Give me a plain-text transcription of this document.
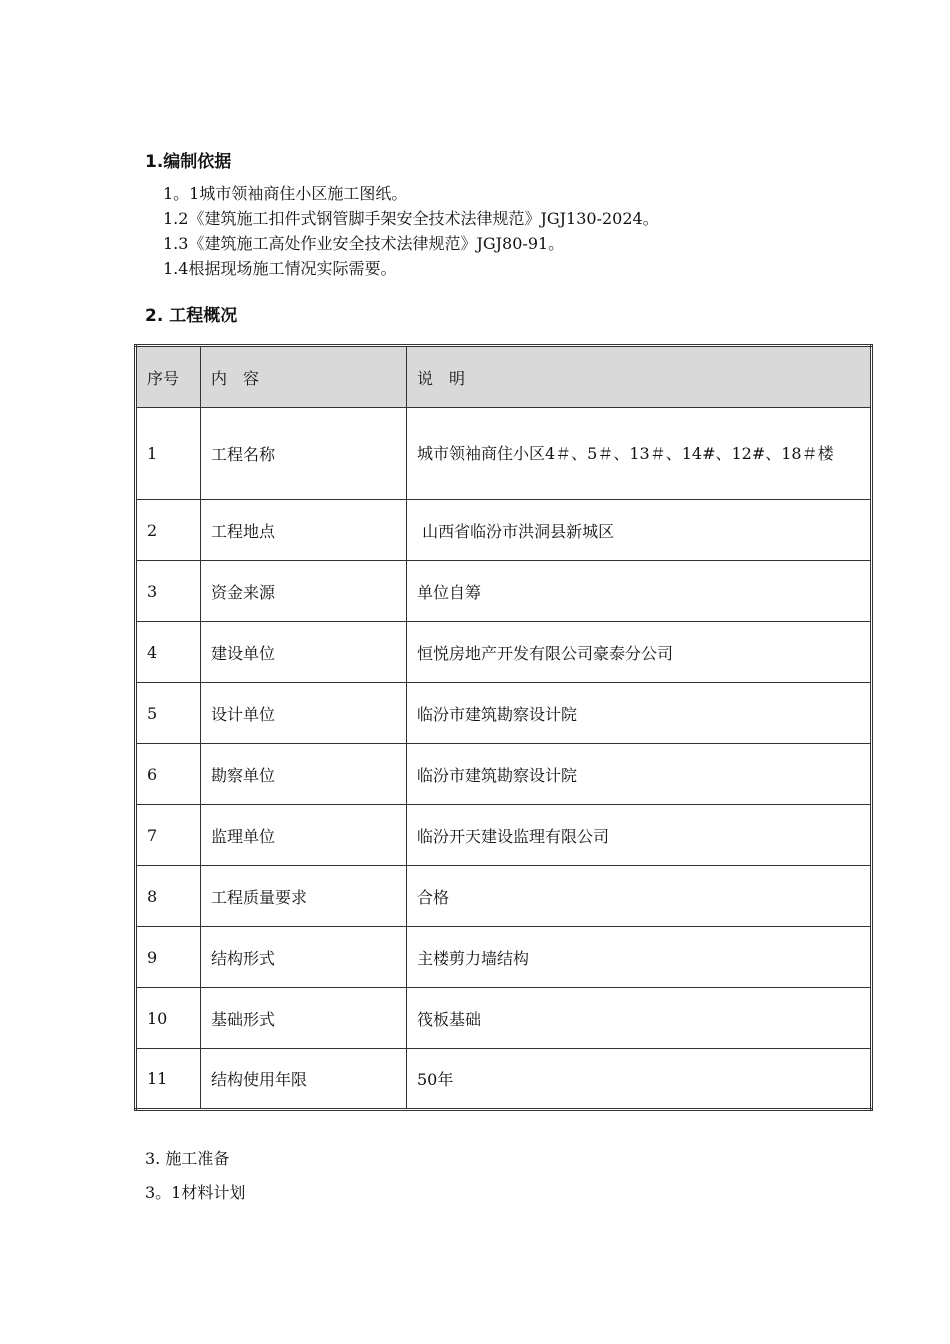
1.编制依据
1。1城市领袖商住小区施工图纸。
1.2《建筑施工扣件式钢管脚手架安全技术法律规范》JGJ130-2024。
1.3《建筑施工高处作业安全技术法律规范》JGJ80-91。
1.4根据现场施工情况实际需要。
2. 工程概况
序号	内　容	说　明
1	工程名称	城市领袖商住小区4＃、5＃、13＃、14#、12#、18＃楼
2	工程地点	山西省临汾市洪洞县新城区
3	资金来源	单位自筹
4	建设单位	恒悦房地产开发有限公司豪泰分公司
5	设计单位	临汾市建筑勘察设计院
6	勘察单位	临汾市建筑勘察设计院
7	监理单位	临汾开天建设监理有限公司
8	工程质量要求	合格
9	结构形式	主楼剪力墙结构
10	基础形式	筏板基础
11	结构使用年限	50年
3. 施工准备
3。1材料计划
